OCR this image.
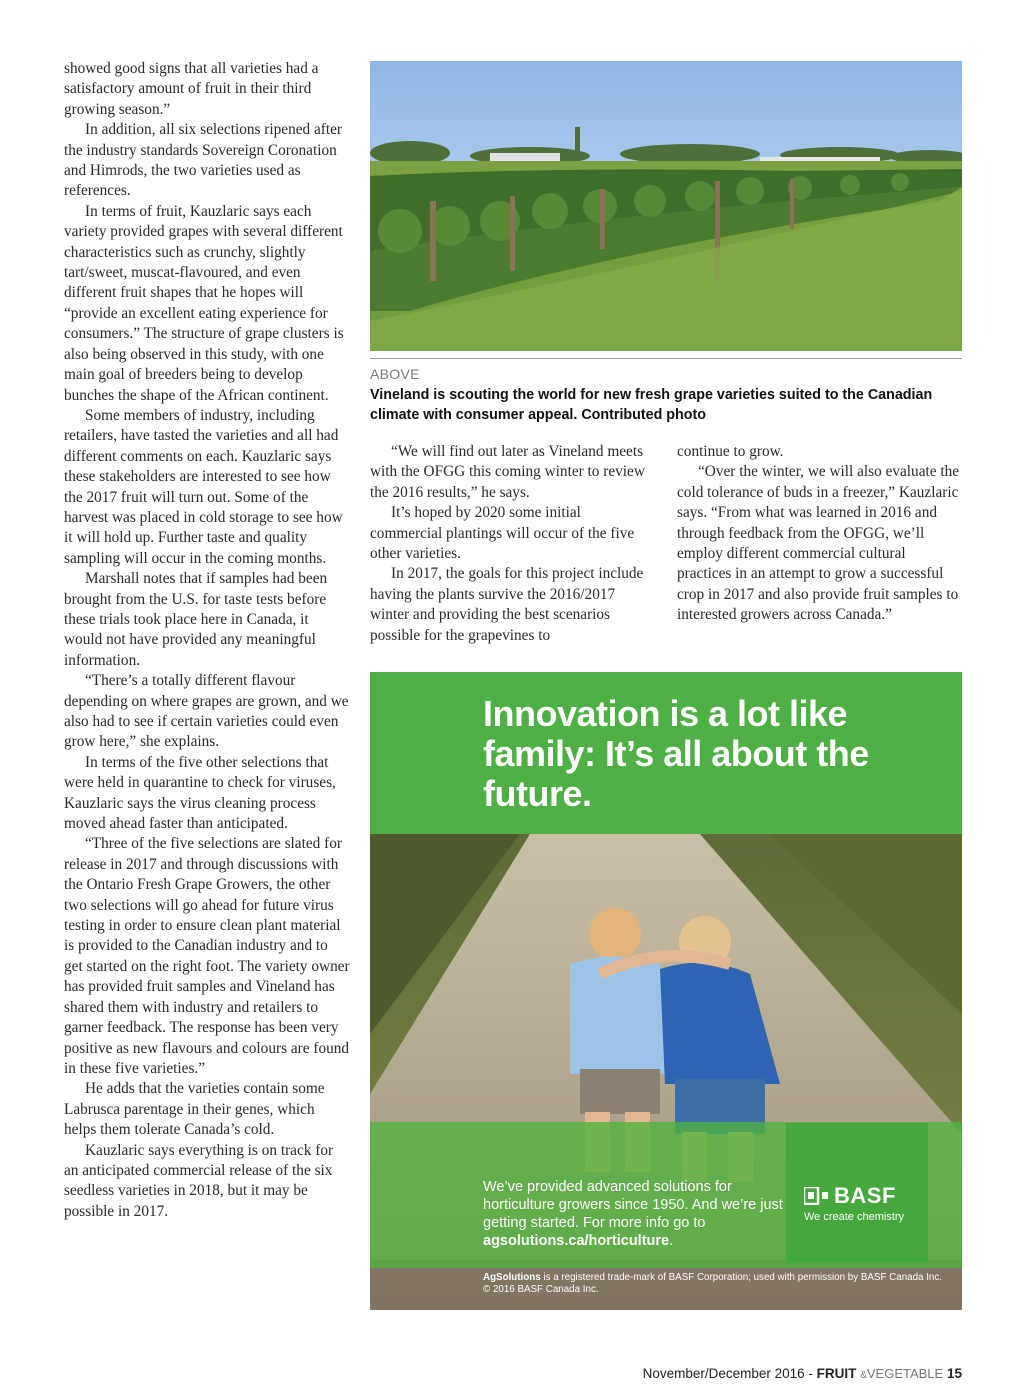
showed good signs that all varieties had a satisfactory amount of fruit in their third growing season.”

In addition, all six selections ripened after the industry standards Sovereign Coronation and Himrods, the two varieties used as references.

In terms of fruit, Kauzlaric says each variety provided grapes with several different characteristics such as crunchy, slightly tart/sweet, muscat-flavoured, and even different fruit shapes that he hopes will “provide an excellent eating experience for consumers.” The structure of grape clusters is also being observed in this study, with one main goal of breeders being to develop bunches the shape of the African continent.

Some members of industry, including retailers, have tasted the varieties and all had different comments on each. Kauzlaric says these stakeholders are interested to see how the 2017 fruit will turn out. Some of the harvest was placed in cold storage to see how it will hold up. Further taste and quality sampling will occur in the coming months.

Marshall notes that if samples had been brought from the U.S. for taste tests before these trials took place here in Canada, it would not have provided any meaningful information.

“There’s a totally different flavour depending on where grapes are grown, and we also had to see if certain varieties could even grow here,” she explains.

In terms of the five other selections that were held in quarantine to check for viruses, Kauzlaric says the virus cleaning process moved ahead faster than anticipated.

“Three of the five selections are slated for release in 2017 and through discussions with the Ontario Fresh Grape Growers, the other two selections will go ahead for future virus testing in order to ensure clean plant material is provided to the Canadian industry and to get started on the right foot. The variety owner has provided fruit samples and Vineland has shared them with industry and retailers to garner feedback. The response has been very positive as new flavours and colours are found in these five varieties.”

He adds that the varieties contain some Labrusca parentage in their genes, which helps them tolerate Canada’s cold.

Kauzlaric says everything is on track for an anticipated commercial release of the six seedless varieties in 2018, but it may be possible in 2017.

ABOVE
Vineland is scouting the world for new fresh grape varieties suited to the Canadian climate with consumer appeal. Contributed photo

“We will find out later as Vineland meets with the OFGG this coming winter to review the 2016 results,” he says.

It’s hoped by 2020 some initial commercial plantings will occur of the five other varieties.

In 2017, the goals for this project include having the plants survive the 2016/2017 winter and providing the best scenarios possible for the grapevines to

continue to grow.

“Over the winter, we will also evaluate the cold tolerance of buds in a freezer,” Kauzlaric says. “From what was learned in 2016 and through feedback from the OFGG, we’ll employ different commercial cultural practices in an attempt to grow a successful crop in 2017 and also provide fruit samples to interested growers across Canada.”

Innovation is a lot like family: It’s all about the future.
We’ve provided advanced solutions for horticulture growers since 1950. And we’re just getting started. For more info go to agsolutions.ca/horticulture.
BASF
We create chemistry
AgSolutions is a registered trade-mark of BASF Corporation; used with permission by BASF Canada Inc. © 2016 BASF Canada Inc.
November/December 2016 - FRUIT &VEGETABLE 15
